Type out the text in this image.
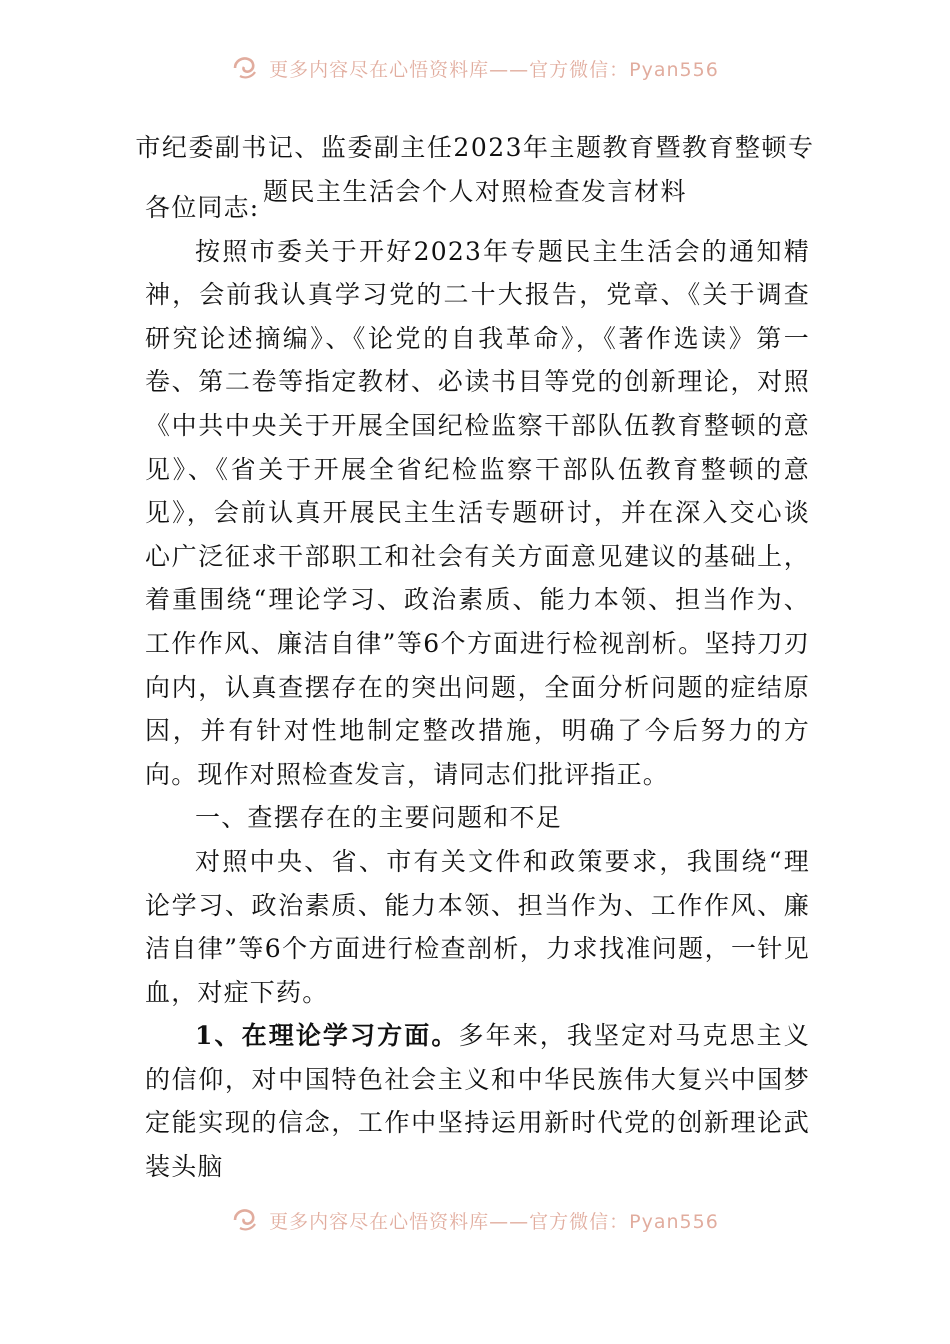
更多内容尽在心悟资料库——官方微信：Pyan556
市纪委副书记、监委副主任2023年主题教育暨教育整顿专
题民主生活会个人对照检查发言材料

各位同志:

按照市委关于开好2023年专题民主生活会的通知精神，会前我认真学习党的二十大报告，党章、《关于调查研究论述摘编》、《论党的自我革命》，《著作选读》第一卷、第二卷等指定教材、必读书目等党的创新理论，对照《中共中央关于开展全国纪检监察干部队伍教育整顿的意见》、《省关于开展全省纪检监察干部队伍教育整顿的意见》，会前认真开展民主生活专题研讨，并在深入交心谈心广泛征求干部职工和社会有关方面意见建议的基础上，着重围绕“理论学习、政治素质、能力本领、担当作为、工作作风、廉洁自律”等6个方面进行检视剖析。坚持刀刃向内，认真查摆存在的突出问题，全面分析问题的症结原因，并有针对性地制定整改措施，明确了今后努力的方向。现作对照检查发言，请同志们批评指正。

一、查摆存在的主要问题和不足

对照中央、省、市有关文件和政策要求，我围绕“理论学习、政治素质、能力本领、担当作为、工作作风、廉洁自律”等6个方面进行检查剖析，力求找准问题，一针见血，对症下药。

1、在理论学习方面。多年来，我坚定对马克思主义的信仰，对中国特色社会主义和中华民族伟大复兴中国梦定能实现的信念，工作中坚持运用新时代党的创新理论武装头脑

更多内容尽在心悟资料库——官方微信：Pyan556
